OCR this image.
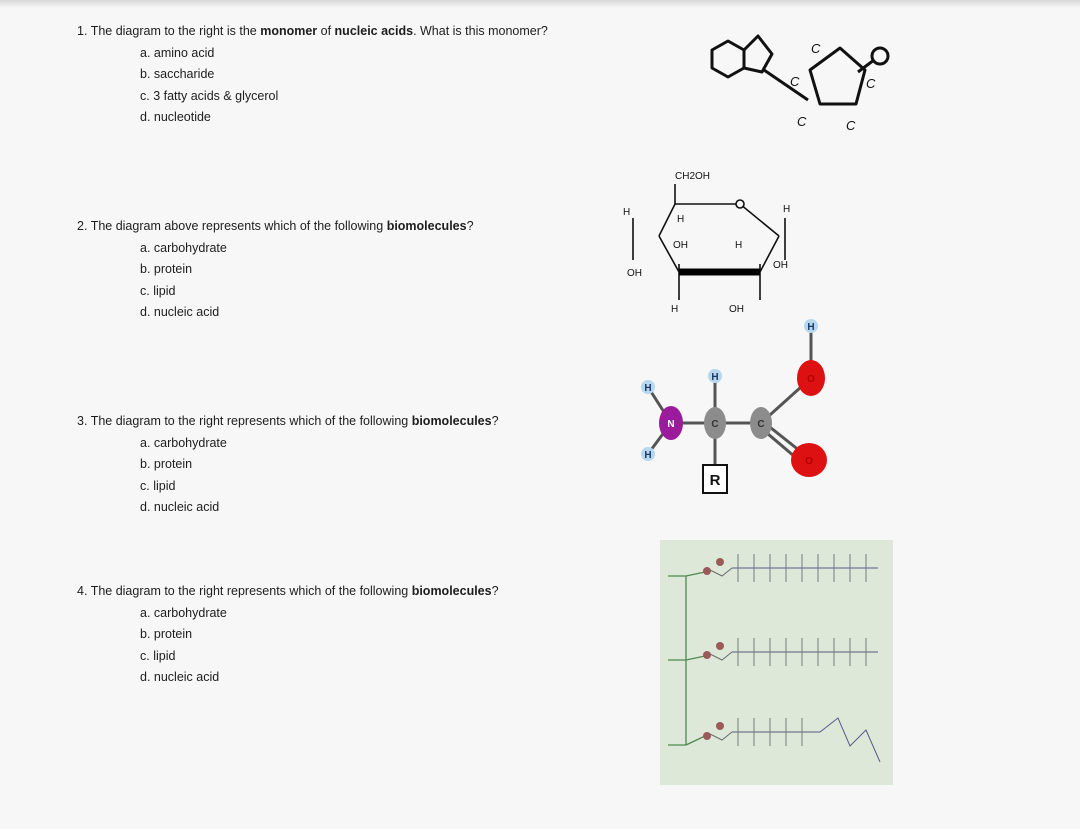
1. The diagram to the right is the monomer of nucleic acids. What is this monomer?

a. amino acid
b. saccharide
c. 3 fatty acids & glycerol
d. nucleotide

2. The diagram above represents which of the following biomolecules?

a. carbohydrate
b. protein
c. lipid
d. nucleic acid

3. The diagram to the right represents which of the following biomolecules?

a. carbohydrate
b. protein
c. lipid
d. nucleic acid

4. The diagram to the right represents which of the following biomolecules?

a. carbohydrate
b. protein
c. lipid
d. nucleic acid
C
C	C
C	C
CH2OH
H
H
OH	H
H
OH
OH
H	OH
H
N
H
H
C	C
R
H
O
O
